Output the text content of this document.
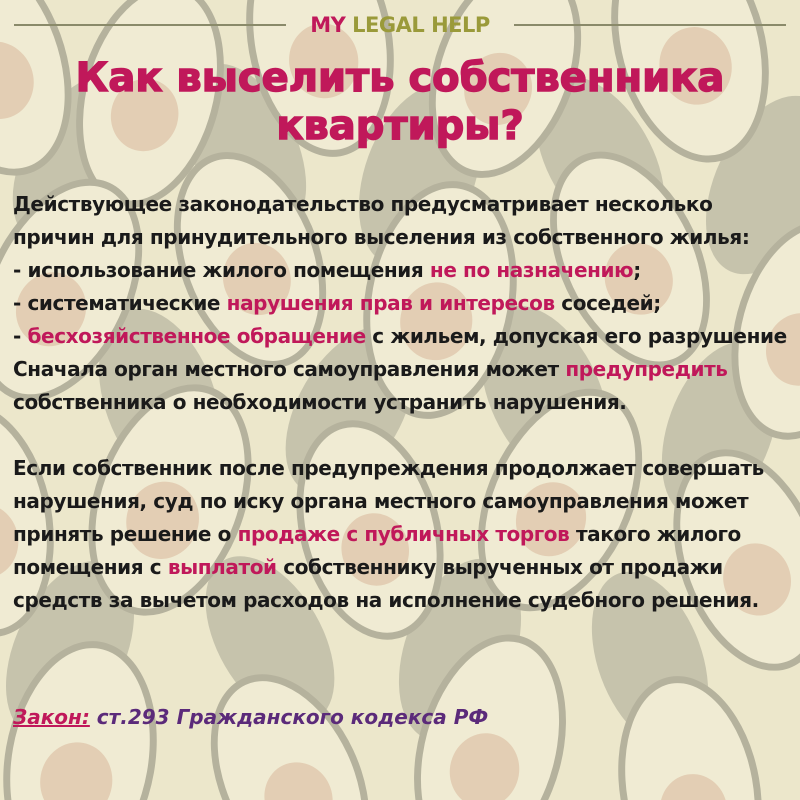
MY LEGAL HELP
Как выселить собственника
квартиры?

Действующее законодательство предусматривает несколько причин для принудительного выселения из собственного жилья:

- использование жилого помещения не по назначению;

- систематические нарушения прав и интересов соседей;

- бесхозяйственное обращение с жильем, допуская его разрушение

Сначала орган местного самоуправления может предупредить собственника о необходимости устранить нарушения.

Если собственник после предупреждения продолжает совершать нарушения, суд по иску органа местного самоуправления может принять решение о продаже с публичных торгов такого жилого помещения с выплатой собственнику вырученных от продажи средств за вычетом расходов на исполнение судебного решения.

Закон: ст.293 Гражданского кодекса РФ
